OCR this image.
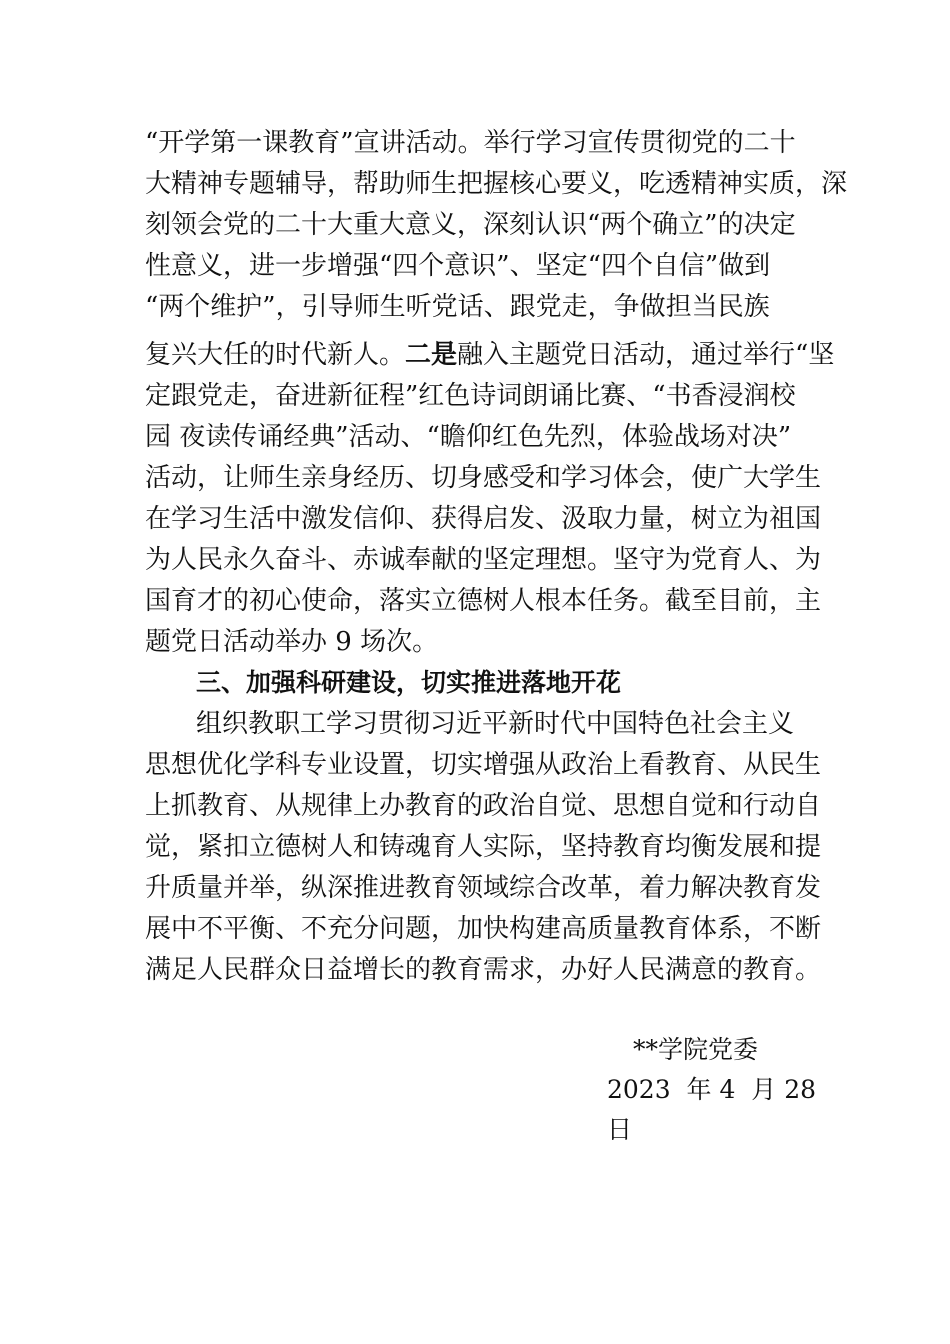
“开学第一课教育”宣讲活动。举行学习宣传贯彻党的二十
大精神专题辅导，帮助师生把握核心要义，吃透精神实质，深
刻领会党的二十大重大意义，深刻认识“两个确立”的决定
性意义，进一步增强“四个意识”、坚定“四个自信”做到
“两个维护”，引导师生听党话、跟党走，争做担当民族
复兴大任的时代新人。二是融入主题党日活动，通过举行“坚
定跟党走，奋进新征程”红色诗词朗诵比赛、“书香浸润校
园 夜读传诵经典”活动、“瞻仰红色先烈，体验战场对决”
活动，让师生亲身经历、切身感受和学习体会，使广大学生
在学习生活中激发信仰、获得启发、汲取力量，树立为祖国
为人民永久奋斗、赤诚奉献的坚定理想。坚守为党育人、为
国育才的初心使命，落实立德树人根本任务。截至目前，主
题党日活动举办 9 场次。
三、加强科研建设，切实推进落地开花
组织教职工学习贯彻习近平新时代中国特色社会主义
思想优化学科专业设置，切实增强从政治上看教育、从民生
上抓教育、从规律上办教育的政治自觉、思想自觉和行动自
觉，紧扣立德树人和铸魂育人实际，坚持教育均衡发展和提
升质量并举，纵深推进教育领域综合改革，着力解决教育发
展中不平衡、不充分问题，加快构建高质量教育体系，不断
满足人民群众日益增长的教育需求，办好人民满意的教育。
**学院党委
2023  年 4  月 28
日
